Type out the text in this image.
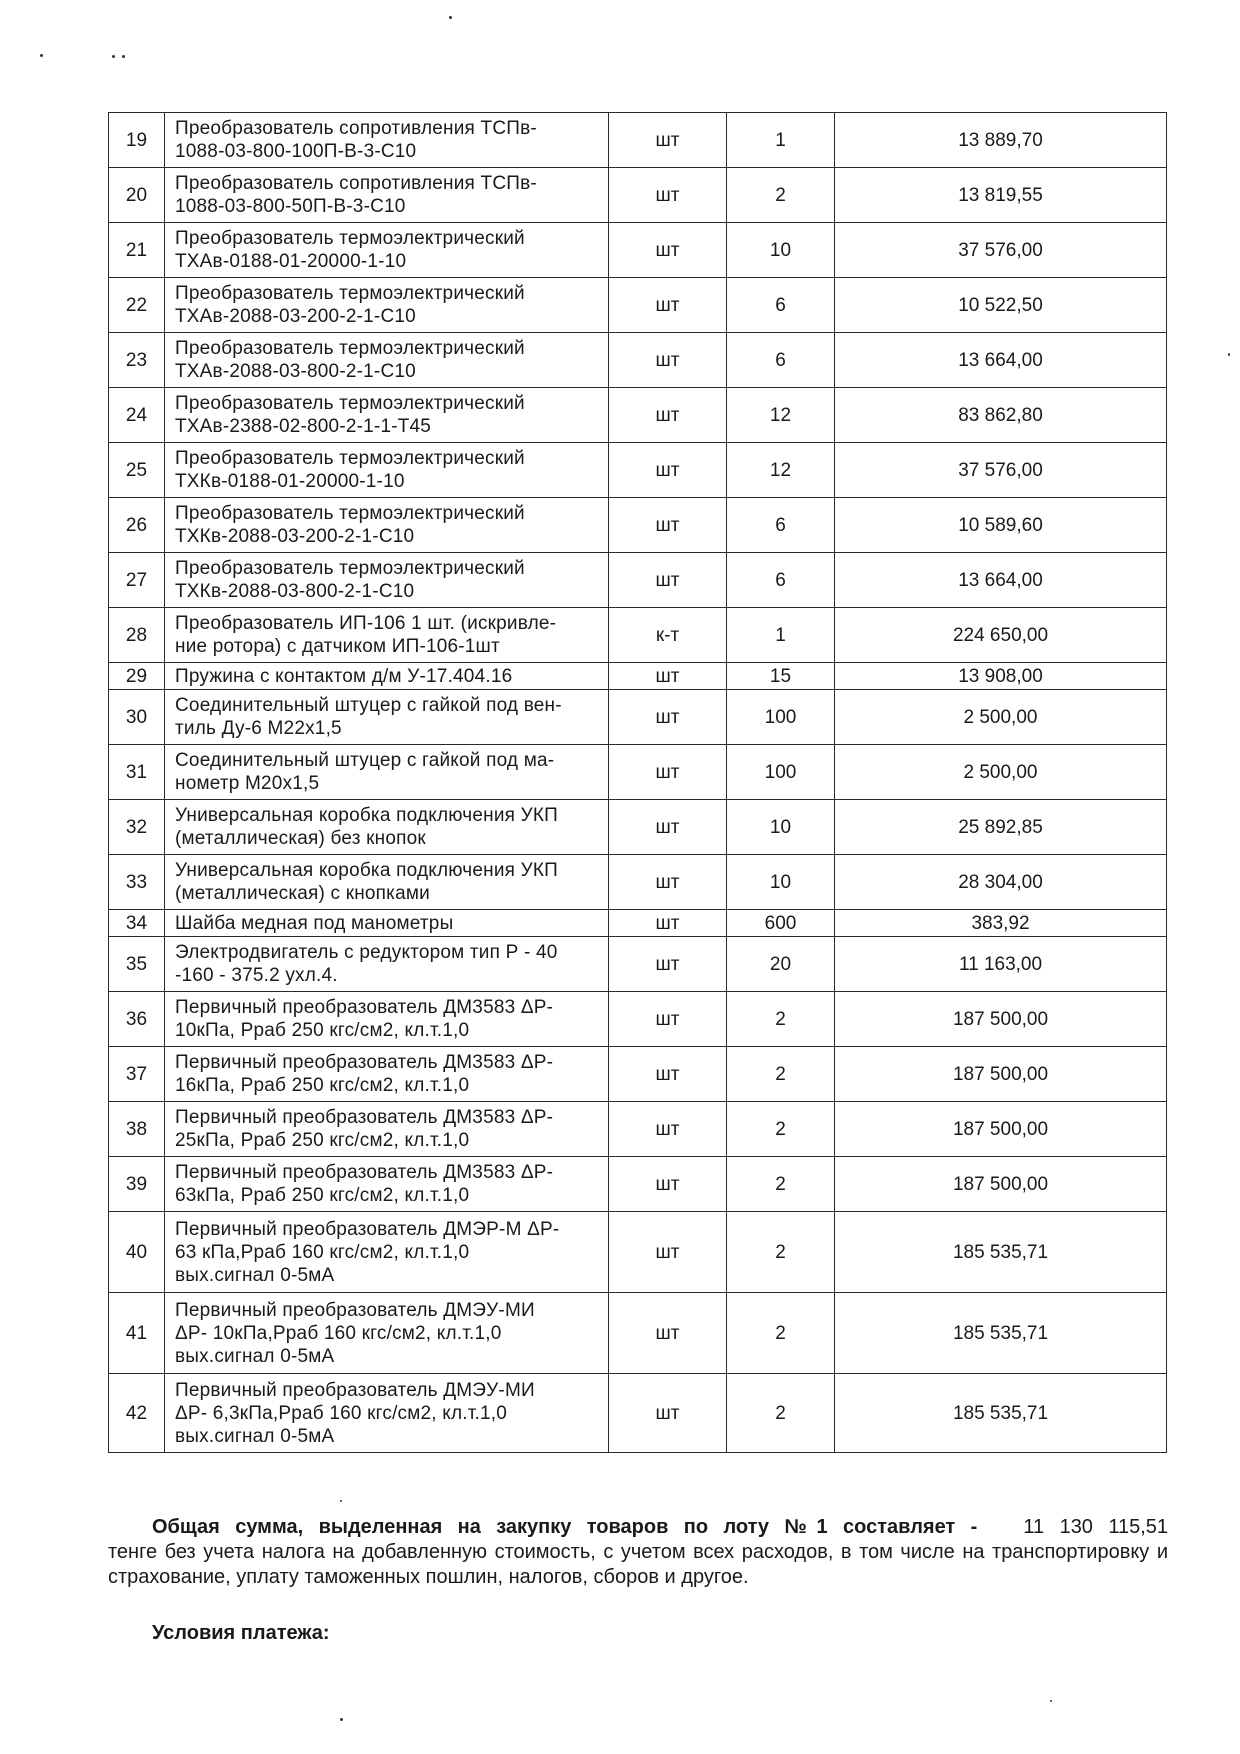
19	Преобразователь сопротивления ТСПв-
1088-03-800-100П-В-3-С10	шт	1	13 889,70
20	Преобразователь сопротивления ТСПв-
1088-03-800-50П-В-3-С10	шт	2	13 819,55
21	Преобразователь термоэлектрический
ТХАв-0188-01-20000-1-10	шт	10	37 576,00
22	Преобразователь термоэлектрический
ТХАв-2088-03-200-2-1-С10	шт	6	10 522,50
23	Преобразователь термоэлектрический
ТХАв-2088-03-800-2-1-С10	шт	6	13 664,00
24	Преобразователь термоэлектрический
ТХАв-2388-02-800-2-1-1-Т45	шт	12	83 862,80
25	Преобразователь термоэлектрический
ТХКв-0188-01-20000-1-10	шт	12	37 576,00
26	Преобразователь термоэлектрический
ТХКв-2088-03-200-2-1-С10	шт	6	10 589,60
27	Преобразователь термоэлектрический
ТХКв-2088-03-800-2-1-С10	шт	6	13 664,00
28	Преобразователь ИП-106 1 шт. (искривле-
ние ротора) с датчиком ИП-106-1шт	к-т	1	224 650,00
29	Пружина с контактом д/м У-17.404.16	шт	15	13 908,00
30	Соединительный штуцер с гайкой под вен-
тиль Ду-6 М22х1,5	шт	100	2 500,00
31	Соединительный штуцер с гайкой под ма-
нометр М20х1,5	шт	100	2 500,00
32	Универсальная коробка подключения УКП
(металлическая) без кнопок	шт	10	25 892,85
33	Универсальная коробка подключения УКП
(металлическая) с кнопками	шт	10	28 304,00
34	Шайба медная под манометры	шт	600	383,92
35	Электродвигатель с редуктором тип Р - 40
-160 - 375.2 ухл.4.	шт	20	11 163,00
36	Первичный преобразователь ДМ3583 ΔР-
10кПа, Рраб 250 кгс/см2, кл.т.1,0	шт	2	187 500,00
37	Первичный преобразователь ДМ3583 ΔР-
16кПа, Рраб 250 кгс/см2, кл.т.1,0	шт	2	187 500,00
38	Первичный преобразователь ДМ3583 ΔР-
25кПа, Рраб 250 кгс/см2, кл.т.1,0	шт	2	187 500,00
39	Первичный преобразователь ДМ3583 ΔР-
63кПа, Рраб 250 кгс/см2, кл.т.1,0	шт	2	187 500,00
40	Первичный преобразователь ДМЭР-М ΔР-
63 кПа,Рраб 160 кгс/см2, кл.т.1,0
вых.сигнал 0-5мА	шт	2	185 535,71
41	Первичный преобразователь ДМЭУ-МИ
ΔР- 10кПа,Рраб 160 кгс/см2, кл.т.1,0
вых.сигнал 0-5мА	шт	2	185 535,71
42	Первичный преобразователь ДМЭУ-МИ
ΔР- 6,3кПа,Рраб 160 кгс/см2, кл.т.1,0
вых.сигнал 0-5мА	шт	2	185 535,71
Общая сумма, выделенная на закупку товаров по лоту №1 составляет - 11 130 115,51
тенге без учета налога на добавленную стоимость, с учетом всех расходов, в том числе на транспортировку и страхование, уплату таможенных пошлин, налогов, сборов и другое.
Условия платежа:
